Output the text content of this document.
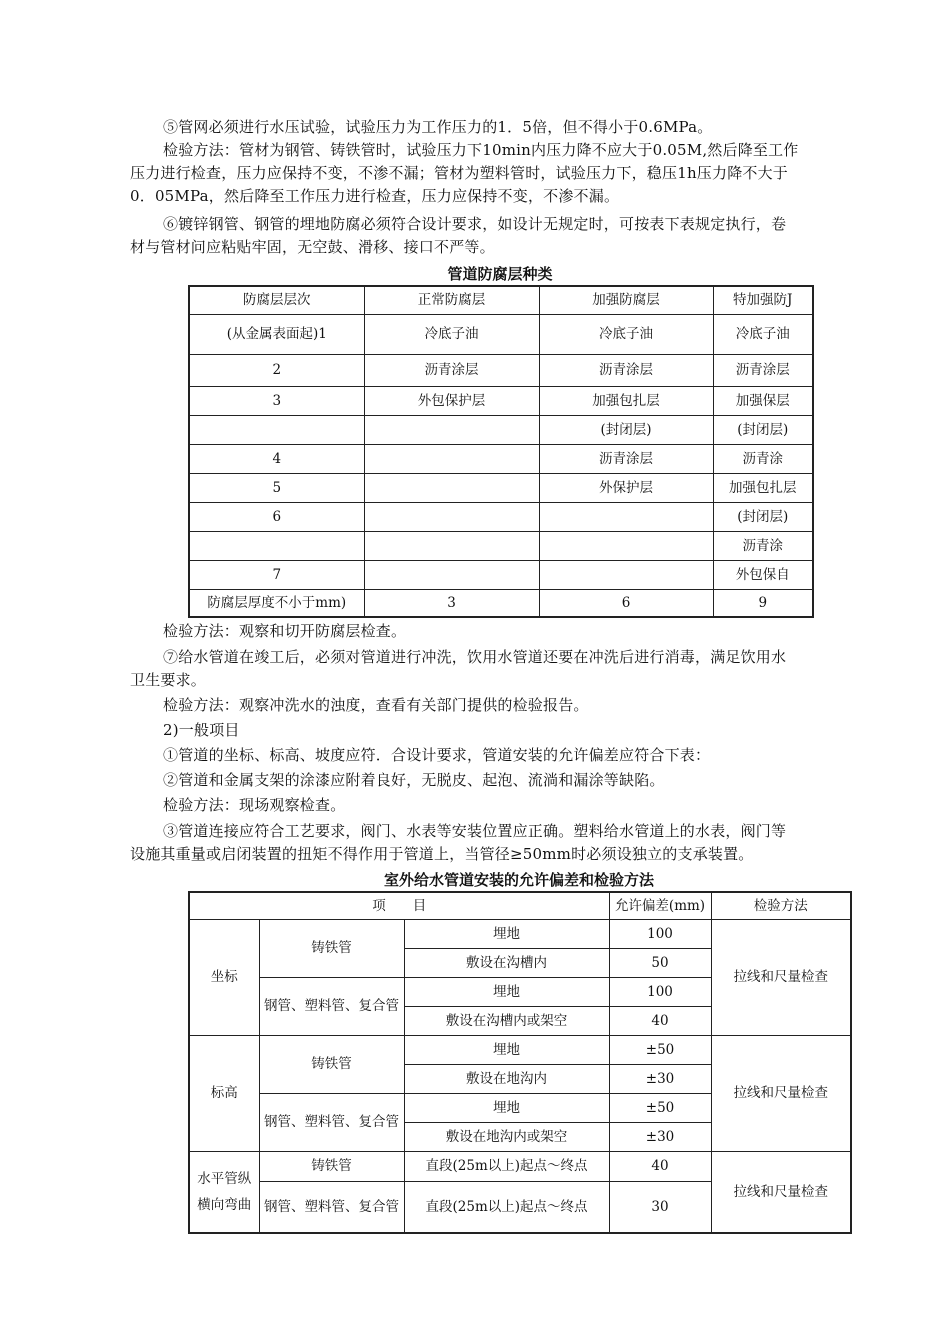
⑤管网必须进行水压试验，试验压力为工作压力的1．5倍，但不得小于0.6MPa。

检验方法：管材为钢管、铸铁管时，试验压力下10min内压力降不应大于0.05M,然后降至工作

压力进行检查，压力应保持不变，不渗不漏；管材为塑料管时，试验压力下，稳压1h压力降不大于

0．05MPa，然后降至工作压力进行检查，压力应保持不变，不渗不漏。

⑥镀锌钢管、钢管的埋地防腐必须符合设计要求，如设计无规定时，可按表下表规定执行，卷

材与管材问应粘贴牢固，无空鼓、滑移、接口不严等。

管道防腐层种类
防腐层层次	正常防腐层	加强防腐层	特加强防J
(从金属表面起)1	冷底子油	冷底子油	冷底子油
2	沥青涂层	沥青涂层	沥青涂层
3	外包保护层	加强包扎层	加强保层
		(封闭层)	(封闭层)
4		沥青涂层	沥青涂
5		外保护层	加强包扎层
6			(封闭层)
			沥青涂
7			外包保自
防腐层厚度不小于mm)	3	6	9

检验方法：观察和切开防腐层检查。

⑦给水管道在竣工后，必须对管道进行冲洗，饮用水管道还要在冲洗后进行消毒，满足饮用水

卫生要求。

检验方法：观察冲洗水的浊度，查看有关部门提供的检验报告。

2)一般项目

①管道的坐标、标高、坡度应符．合设计要求，管道安装的允许偏差应符合下表：

②管道和金属支架的涂漆应附着良好，无脱皮、起泡、流淌和漏涂等缺陷。

检验方法：现场观察检查。

③管道连接应符合工艺要求，阀门、水表等安装位置应正确。塑料给水管道上的水表，阀门等

设施其重量或启闭装置的扭矩不得作用于管道上，当管径≥50mm时必须设独立的支承装置。

室外给水管道安装的允许偏差和检验方法
项　　目			允许偏差(mm)	检验方法
坐标	铸铁管	埋地	100	拉线和尺量检查
		敷设在沟槽内	50	
	钢管、塑料管、复合管	埋地	100	
		敷设在沟槽内或架空	40	
标高	铸铁管	埋地	±50	拉线和尺量检查
		敷设在地沟内	±30	
	钢管、塑料管、复合管	埋地	±50	
		敷设在地沟内或架空	±30	
水平管纵横向弯曲	铸铁管	直段(25m以上)起点～终点	40	拉线和尺量检查
	钢管、塑料管、复合管	直段(25m以上)起点～终点	30	
